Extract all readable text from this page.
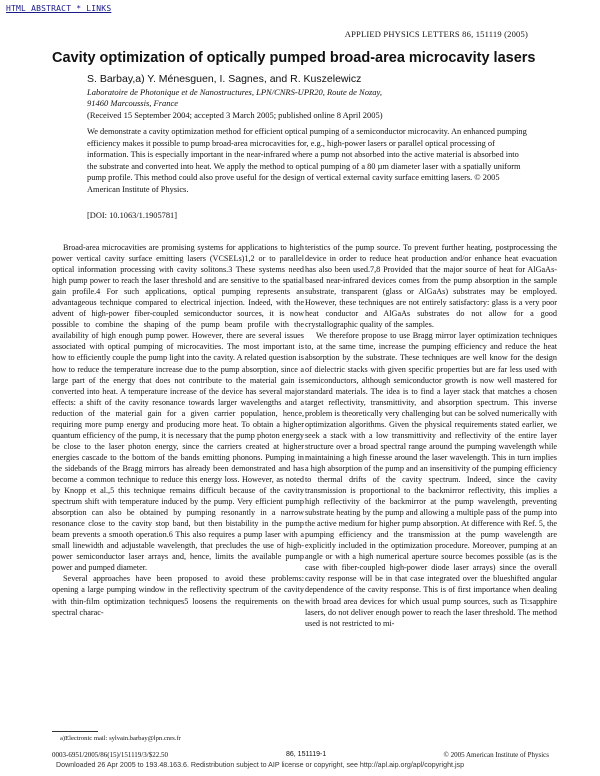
HTML ABSTRACT * LINKS
APPLIED PHYSICS LETTERS 86, 151119 (2005)
Cavity optimization of optically pumped broad-area microcavity lasers
S. Barbay,a) Y. Ménesguen, I. Sagnes, and R. Kuszelewicz
Laboratoire de Photonique et de Nanostructures, LPN/CNRS-UPR20, Route de Nozay,
91460 Marcoussis, France
(Received 15 September 2004; accepted 3 March 2005; published online 8 April 2005)
We demonstrate a cavity optimization method for efficient optical pumping of a semiconductor microcavity. An enhanced pumping efficiency makes it possible to pump broad-area microcavities for, e.g., high-power lasers or parallel optical processing of information. This is especially important in the near-infrared where a pump not absorbed into the active material is absorbed into the substrate and converted into heat. We apply the method to optical pumping of a 80 µm diameter laser with a spatially uniform pump profile. This method could also prove useful for the design of vertical external cavity surface emitting lasers. © 2005 American Institute of Physics.
[DOI: 10.1063/1.1905781]

Broad-area microcavities are promising systems for applications to high power vertical cavity surface emitting lasers (VCSELs)1,2 or to parallel optical information processing with cavity solitons.3 These systems need high pump power to reach the laser threshold and are sensitive to the spatial gain profile.4 For such applications, optical pumping represents an advantageous technique compared to electrical injection. Indeed, with the advent of high-power fiber-coupled semiconductor sources, it is now possible to combine the shaping of the pump beam profile with the availability of high enough pump power. However, there are several issues associated with optical pumping of microcavities. The most important is how to efficiently couple the pump light into the cavity. A related question is how to reduce the temperature increase due to the pump absorption, since a large part of the energy that does not contribute to the material gain is converted into heat. A temperature increase of the device has several major effects: a shift of the cavity resonance towards larger wavelengths and a reduction of the material gain for a given carrier population, hence, requiring more pump energy and producing more heat. To obtain a higher quantum efficiency of the pump, it is necessary that the pump photon energy be close to the laser photon energy, since the carriers created at higher energies cascade to the bottom of the bands emitting phonons. Pumping in the sidebands of the Bragg mirrors has already been demonstrated and has become a common technique to reduce this energy loss. However, as noted by Knopp et al.,5 this technique remains difficult because of the cavity spectrum shift with temperature induced by the pump. Very efficient pump absorption can also be obtained by pumping resonantly in a narrow resonance close to the cavity stop band, but then bistability in the pump beam prevents a smooth operation.6 This also requires a pump laser with a small linewidth and adjustable wavelength, that precludes the use of high-power semiconductor laser arrays and, hence, limits the available pump power and pumped diameter.

Several approaches have been proposed to avoid these problems: opening a large pumping window in the reflectivity spectrum of the cavity with thin-film optimization techniques5 loosens the requirements on the spectral charac-

teristics of the pump source. To prevent further heating, postprocessing the device in order to reduce heat production and/or enhance heat evacuation has also been used.7,8 Provided that the major source of heat for AlGaAs-based near-infrared devices comes from the pump absorption in the sample substrate, transparent (glass or AlGaAs) substrates may be employed. However, these techniques are not entirely satisfactory: glass is a very poor heat conductor and AlGaAs substrates do not allow for a good crystallographic quality of the samples.

We therefore propose to use Bragg mirror layer optimization techniques to, at the same time, increase the pumping efficiency and reduce the heat absorption by the substrate. These techniques are well know for the design of dielectric stacks with given specific properties but are far less used with semiconductors, although semiconductor growth is now well mastered for standard materials. The idea is to find a layer stack that matches a chosen target reflectivity, transmittivity, and absorption spectrum. This inverse problem is theoretically very challenging but can be solved numerically with optimization algorithms. Given the physical requirements stated earlier, we seek a stack with a low transmittivity and reflectivity of the entire layer structure over a broad spectral range around the pumping wavelength while maintaining a high finesse around the laser wavelength. This in turn implies a high absorption of the pump and an insensitivity of the pumping efficiency to thermal drifts of the cavity spectrum. Indeed, since the cavity transmission is proportional to the backmirror reflectivity, this implies a high reflectivity of the backmirror at the pump wavelength, preventing substrate heating by the pump and allowing a multiple pass of the pump into the active medium for higher pump absorption. At difference with Ref. 5, the pumping efficiency and the transmission at the pump wavelength are explicitly included in the optimization procedure. Moreover, pumping at an angle or with a high numerical aperture source becomes possible (as is the case with fiber-coupled high-power diode laser arrays) since the overall cavity response will be in that case integrated over the blueshifted angular dependence of the cavity response. This is of first importance when dealing with broad area devices for which usual pump sources, such as Ti:sapphire lasers, do not deliver enough power to reach the laser threshold. The method used is not restricted to mi-

a)Electronic mail: sylvain.barbay@lpn.cnrs.fr
0003-6951/2005/86(15)/151119/3/$22.50	86, 151119-1	© 2005 American Institute of Physics
Downloaded 26 Apr 2005 to 193.48.163.6. Redistribution subject to AIP license or copyright, see http://apl.aip.org/apl/copyright.jsp
